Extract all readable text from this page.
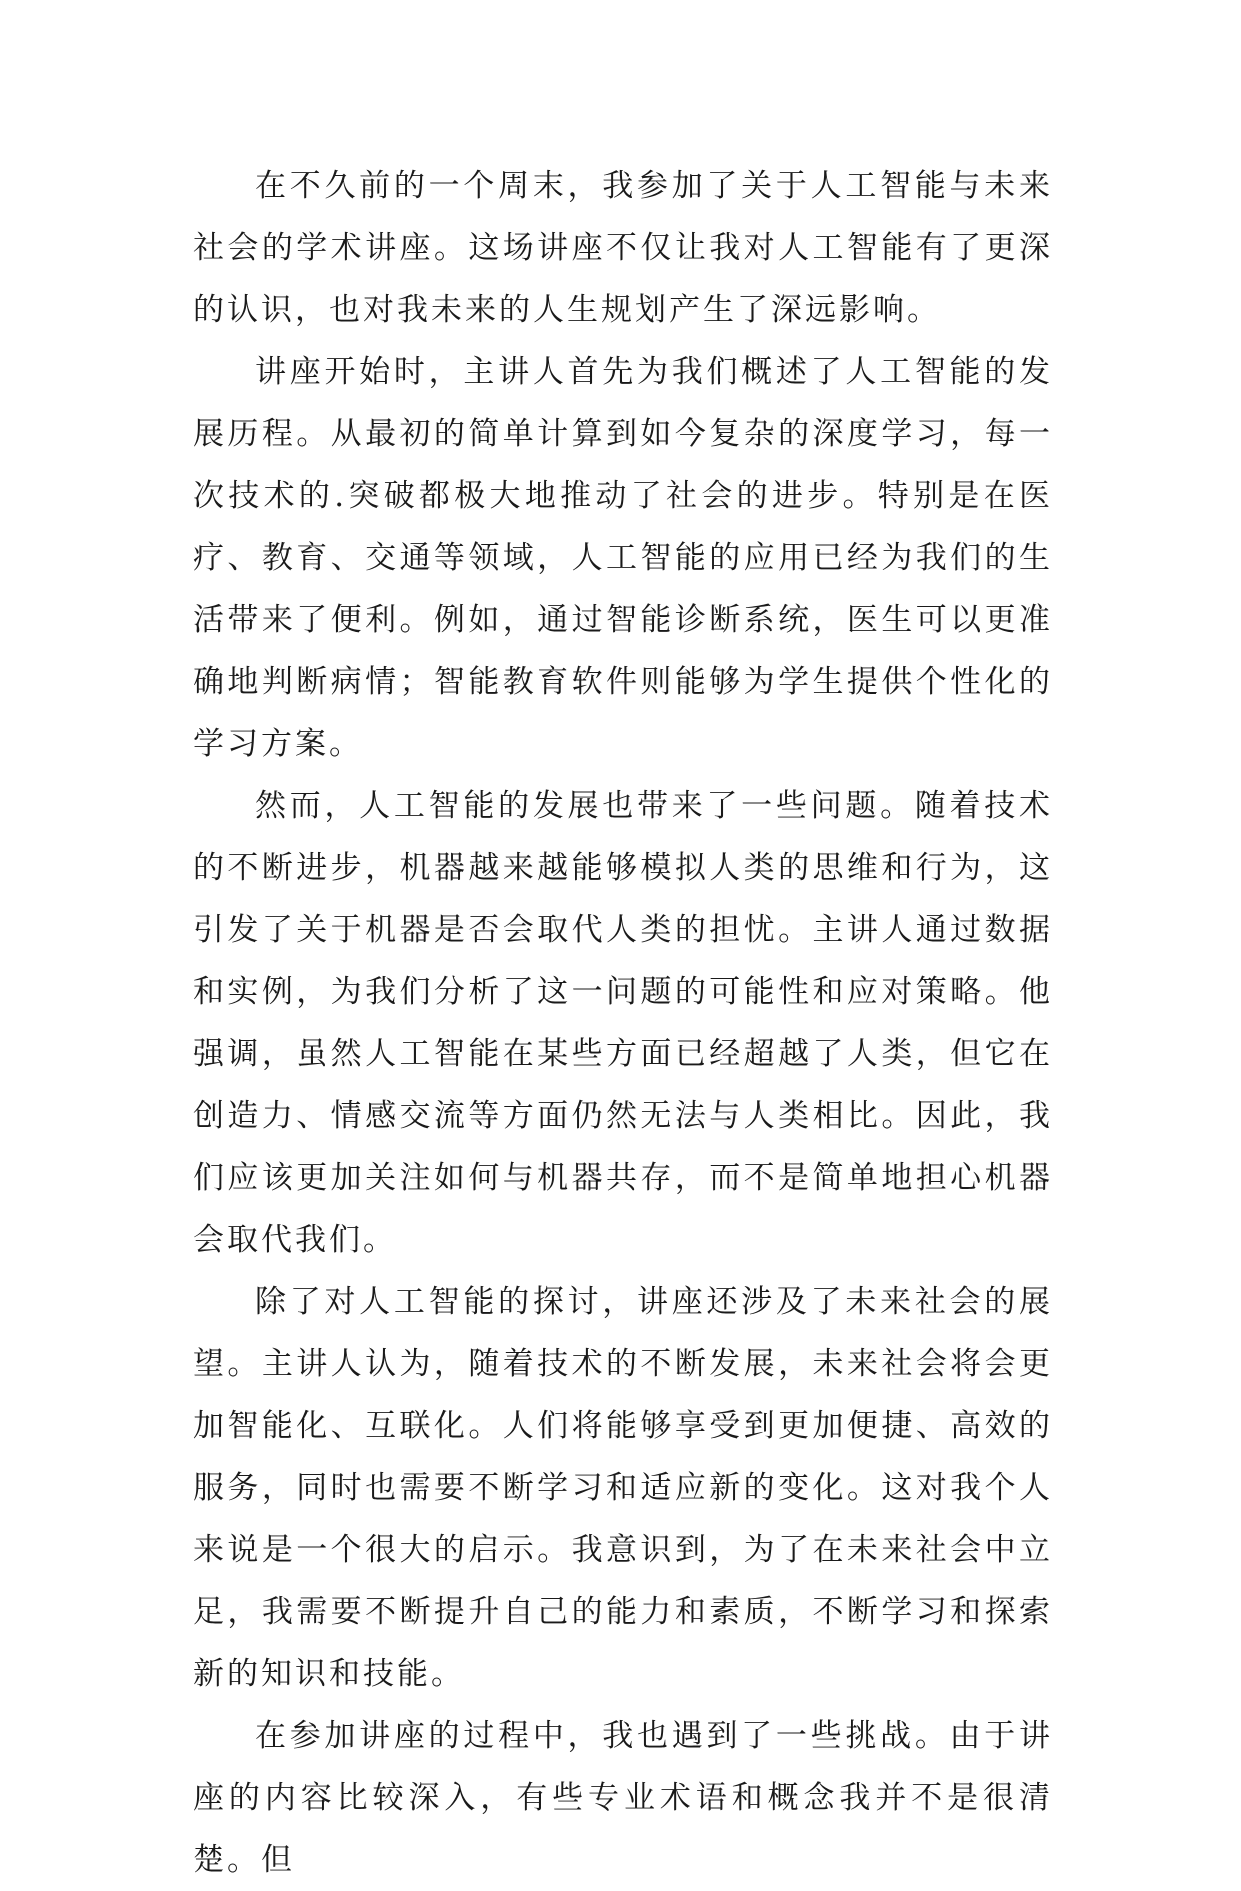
在不久前的一个周末，我参加了关于人工智能与未来社会的学术讲座。这场讲座不仅让我对人工智能有了更深的认识，也对我未来的人生规划产生了深远影响。

讲座开始时，主讲人首先为我们概述了人工智能的发展历程。从最初的简单计算到如今复杂的深度学习，每一次技术的.突破都极大地推动了社会的进步。特别是在医疗、教育、交通等领域，人工智能的应用已经为我们的生活带来了便利。例如，通过智能诊断系统，医生可以更准确地判断病情；智能教育软件则能够为学生提供个性化的学习方案。

然而，人工智能的发展也带来了一些问题。随着技术的不断进步，机器越来越能够模拟人类的思维和行为，这引发了关于机器是否会取代人类的担忧。主讲人通过数据和实例，为我们分析了这一问题的可能性和应对策略。他强调，虽然人工智能在某些方面已经超越了人类，但它在创造力、情感交流等方面仍然无法与人类相比。因此，我们应该更加关注如何与机器共存，而不是简单地担心机器会取代我们。

除了对人工智能的探讨，讲座还涉及了未来社会的展望。主讲人认为，随着技术的不断发展，未来社会将会更加智能化、互联化。人们将能够享受到更加便捷、高效的服务，同时也需要不断学习和适应新的变化。这对我个人来说是一个很大的启示。我意识到，为了在未来社会中立足，我需要不断提升自己的能力和素质，不断学习和探索新的知识和技能。

在参加讲座的过程中，我也遇到了一些挑战。由于讲座的内容比较深入，有些专业术语和概念我并不是很清楚。但
